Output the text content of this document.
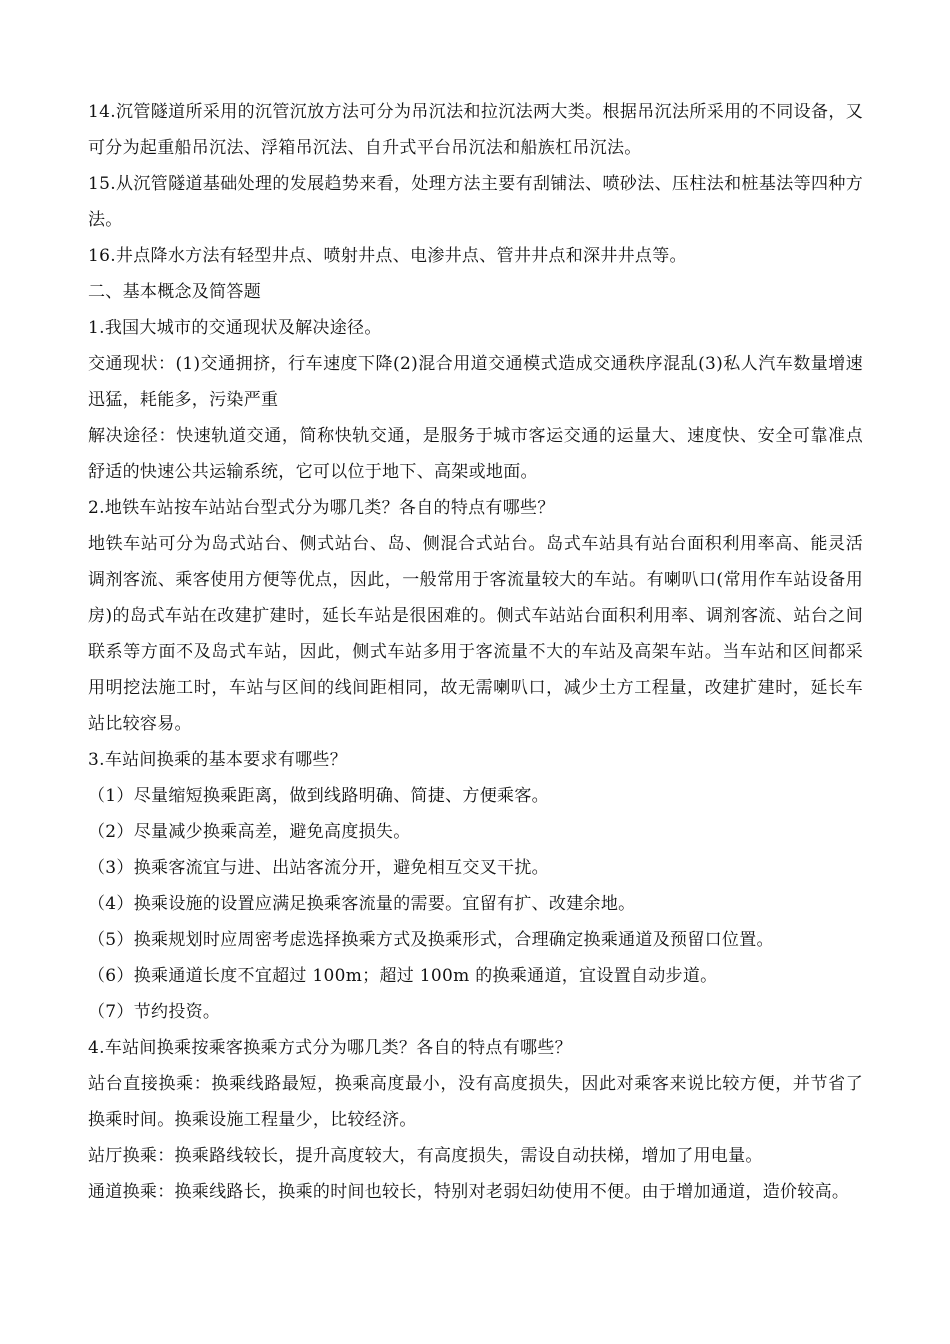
14.沉管隧道所采用的沉管沉放方法可分为吊沉法和拉沉法两大类。根据吊沉法所采用的不同设备，又可分为起重船吊沉法、浮箱吊沉法、自升式平台吊沉法和船族杠吊沉法。

15.从沉管隧道基础处理的发展趋势来看，处理方法主要有刮铺法、喷砂法、压柱法和桩基法等四种方法。

16.井点降水方法有轻型井点、喷射井点、电渗井点、管井井点和深井井点等。

二、基本概念及简答题

1.我国大城市的交通现状及解决途径。

交通现状：(1)交通拥挤，行车速度下降(2)混合用道交通模式造成交通秩序混乱(3)私人汽车数量增速迅猛，耗能多，污染严重

解决途径：快速轨道交通，简称快轨交通，是服务于城市客运交通的运量大、速度快、安全可靠准点舒适的快速公共运输系统，它可以位于地下、高架或地面。

2.地铁车站按车站站台型式分为哪几类？各自的特点有哪些？

地铁车站可分为岛式站台、侧式站台、岛、侧混合式站台。岛式车站具有站台面积利用率高、能灵活调剂客流、乘客使用方便等优点，因此，一般常用于客流量较大的车站。有喇叭口(常用作车站设备用房)的岛式车站在改建扩建时，延长车站是很困难的。侧式车站站台面积利用率、调剂客流、站台之间联系等方面不及岛式车站，因此，侧式车站多用于客流量不大的车站及高架车站。当车站和区间都采用明挖法施工时，车站与区间的线间距相同，故无需喇叭口，减少土方工程量，改建扩建时，延长车站比较容易。

3.车站间换乘的基本要求有哪些？

（1）尽量缩短换乘距离，做到线路明确、简捷、方便乘客。

（2）尽量减少换乘高差，避免高度损失。

（3）换乘客流宜与进、出站客流分开，避免相互交叉干扰。

（4）换乘设施的设置应满足换乘客流量的需要。宜留有扩、改建余地。

（5）换乘规划时应周密考虑选择换乘方式及换乘形式，合理确定换乘通道及预留口位置。

（6）换乘通道长度不宜超过 100m；超过 100m 的换乘通道，宜设置自动步道。

（7）节约投资。

4.车站间换乘按乘客换乘方式分为哪几类？各自的特点有哪些？

站台直接换乘：换乘线路最短，换乘高度最小，没有高度损失，因此对乘客来说比较方便，并节省了换乘时间。换乘设施工程量少，比较经济。

站厅换乘：换乘路线较长，提升高度较大，有高度损失，需设自动扶梯，增加了用电量。

通道换乘：换乘线路长，换乘的时间也较长，特别对老弱妇幼使用不便。由于增加通道，造价较高。
